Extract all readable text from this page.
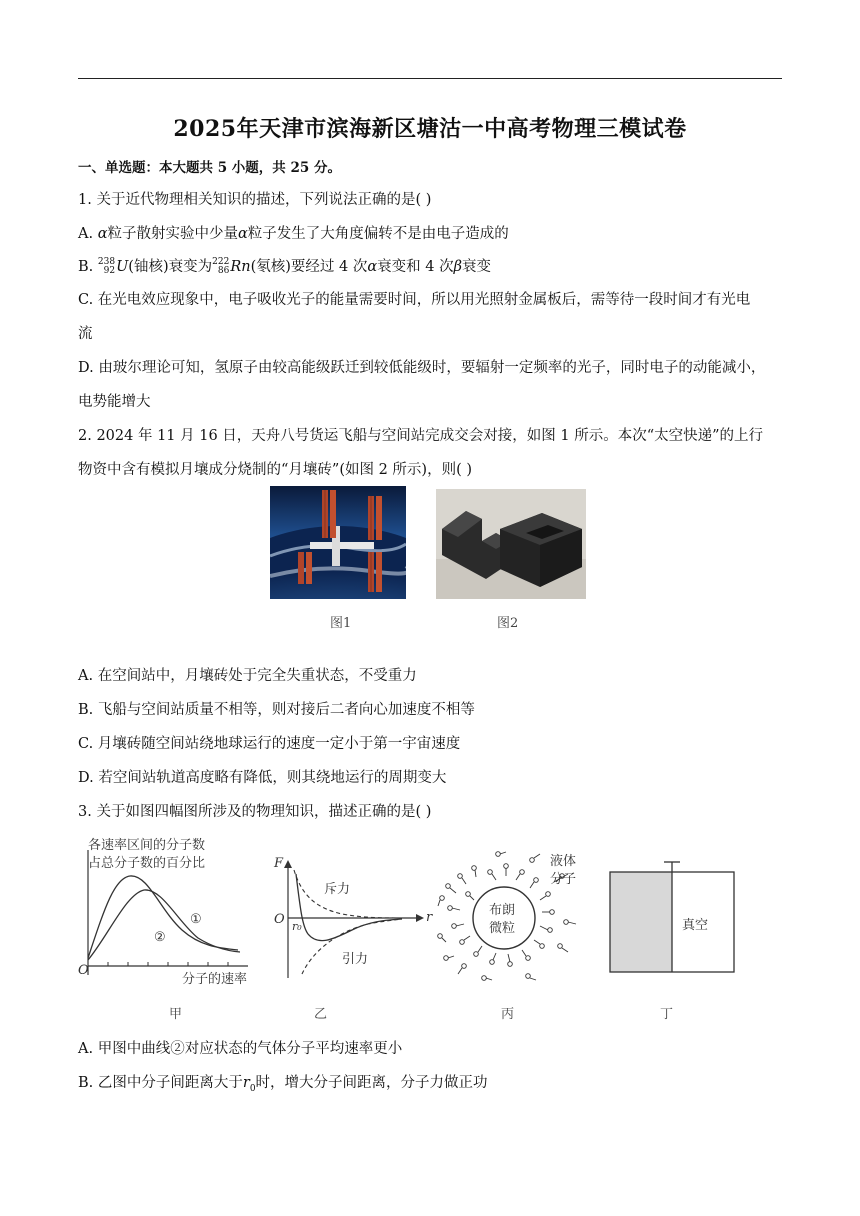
2025年天津市滨海新区塘沽一中高考物理三模试卷
一、单选题：本大题共 5 小题，共 25 分。
1. 关于近代物理相关知识的描述，下列说法正确的是( )
A. α粒子散射实验中少量α粒子发生了大角度偏转不是由电子造成的
B. 238
92U(铀核)衰变为222
86Rn(氡核)要经过 4 次α衰变和 4 次β衰变
C. 在光电效应现象中，电子吸收光子的能量需要时间，所以用光照射金属板后，需等待一段时间才有光电
流
D. 由玻尔理论可知，氢原子由较高能级跃迁到较低能级时，要辐射一定频率的光子，同时电子的动能减小，
电势能增大
2. 2024 年 11 月 16 日，天舟八号货运飞船与空间站完成交会对接，如图 1 所示。本次“太空快递”的上行
物资中含有模拟月壤成分烧制的“月壤砖”(如图 2 所示)，则( )
图1	图2
A. 在空间站中，月壤砖处于完全失重状态，不受重力
B. 飞船与空间站质量不相等，则对接后二者向心加速度不相等
C. 月壤砖随空间站绕地球运行的速度一定小于第一宇宙速度
D. 若空间站轨道高度略有降低，则其绕地运行的周期变大
3. 关于如图四幅图所涉及的物理知识，描述正确的是( )
各速率区间的分子数
占总分子数的百分比
①
②
O
分子的速率
甲
F
斥力
O r₀
r
引力
乙
布朗
微粒
液体
分子
丙
真空
丁
A. 甲图中曲线②对应状态的气体分子平均速率更小
B. 乙图中分子间距离大于$r_0$时，增大分子间距离，分子力做正功
